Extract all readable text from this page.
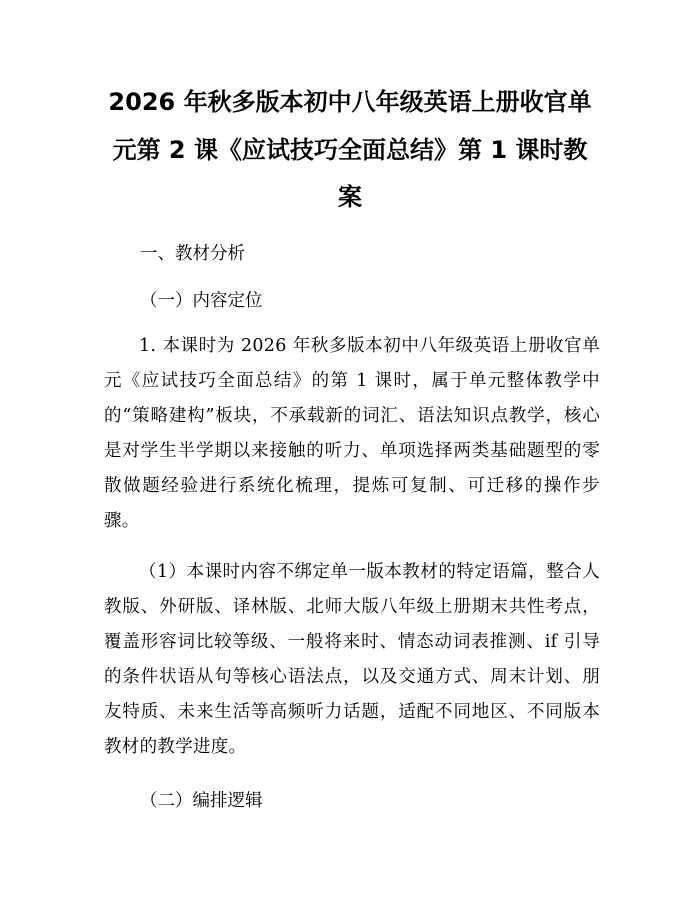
2026 年秋多版本初中八年级英语上册收官单
元第 2 课《应试技巧全面总结》第 1 课时教
案
一、教材分析
（一）内容定位
1. 本课时为 2026 年秋多版本初中八年级英语上册收官单元《应试技巧全面总结》的第 1 课时，属于单元整体教学中的“策略建构”板块，不承载新的词汇、语法知识点教学，核心是对学生半学期以来接触的听力、单项选择两类基础题型的零散做题经验进行系统化梳理，提炼可复制、可迁移的操作步骤。
（1）本课时内容不绑定单一版本教材的特定语篇，整合人教版、外研版、译林版、北师大版八年级上册期末共性考点，覆盖形容词比较等级、一般将来时、情态动词表推测、if 引导的条件状语从句等核心语法点，以及交通方式、周末计划、朋友特质、未来生活等高频听力话题，适配不同地区、不同版本教材的教学进度。
（二）编排逻辑
